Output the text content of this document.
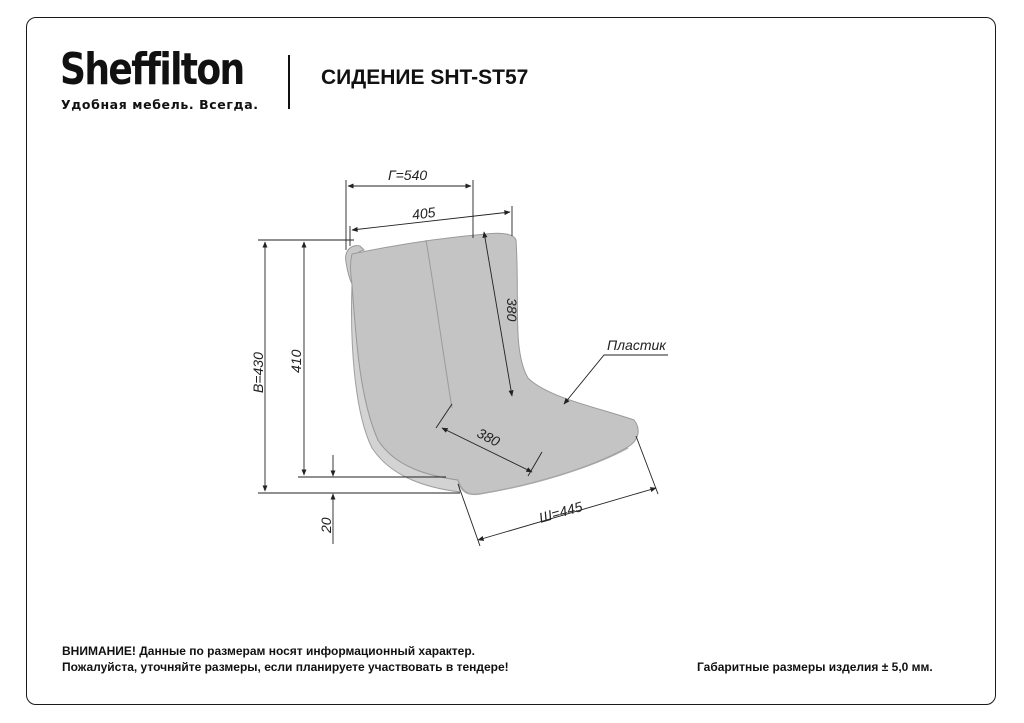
Sheffilton
Удобная мебель. Всегда.
СИДЕНИЕ SHT-ST57
Г=540
405
380
Пластик
В=430 410
380
20	Ш=445
ВНИМАНИЕ! Данные по размерам носят информационный характер.
Пожалуйста, уточняйте размеры, если планируете участвовать в тендере!	Габаритные размеры изделия ± 5,0 мм.
